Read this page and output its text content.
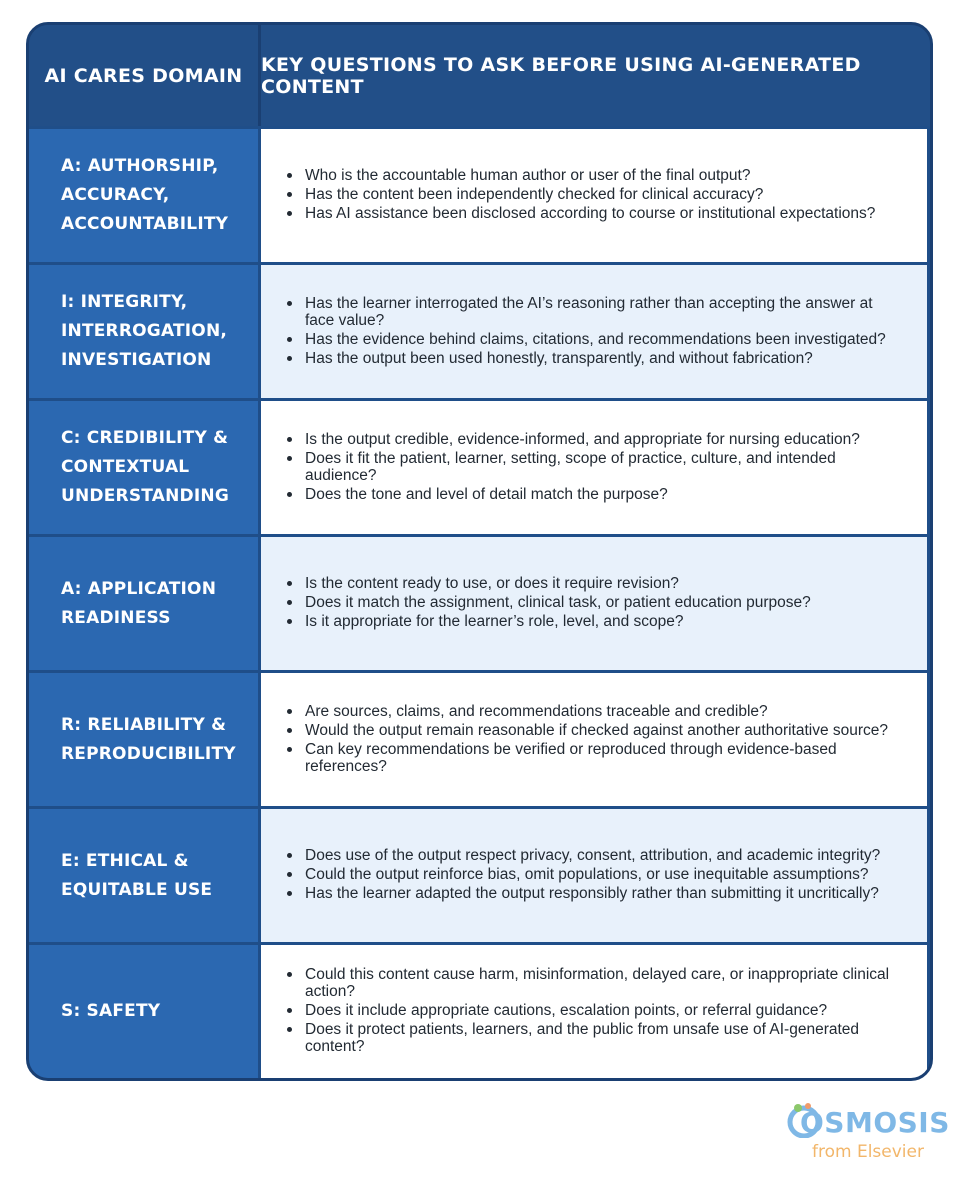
AI CARES DOMAIN KEY QUESTIONS TO ASK BEFORE USING AI-GENERATED CONTENT
A: AUTHORSHIP,
ACCURACY,
ACCOUNTABILITY
Who is the accountable human author or user of the final output?
Has the content been independently checked for clinical accuracy?
Has AI assistance been disclosed according to course or institutional expectations?
I: INTEGRITY,
INTERROGATION,
INVESTIGATION
Has the learner interrogated the AI’s reasoning rather than accepting the answer at face value?
Has the evidence behind claims, citations, and recommendations been investigated?
Has the output been used honestly, transparently, and without fabrication?
C: CREDIBILITY &
CONTEXTUAL
UNDERSTANDING
Is the output credible, evidence-informed, and appropriate for nursing education?
Does it fit the patient, learner, setting, scope of practice, culture, and intended audience?
Does the tone and level of detail match the purpose?
A: APPLICATION
READINESS
Is the content ready to use, or does it require revision?
Does it match the assignment, clinical task, or patient education purpose?
Is it appropriate for the learner’s role, level, and scope?
R: RELIABILITY &
REPRODUCIBILITY
Are sources, claims, and recommendations traceable and credible?
Would the output remain reasonable if checked against another authoritative source?
Can key recommendations be verified or reproduced through evidence-based references?
E: ETHICAL &
EQUITABLE USE
Does use of the output respect privacy, consent, attribution, and academic integrity?
Could the output reinforce bias, omit populations, or use inequitable assumptions?
Has the learner adapted the output responsibly rather than submitting it uncritically?
S: SAFETY
Could this content cause harm, misinformation, delayed care, or inappropriate clinical action?
Does it include appropriate cautions, escalation points, or referral guidance?
Does it protect patients, learners, and the public from unsafe use of AI-generated content?
OSMOSIS
from Elsevier
